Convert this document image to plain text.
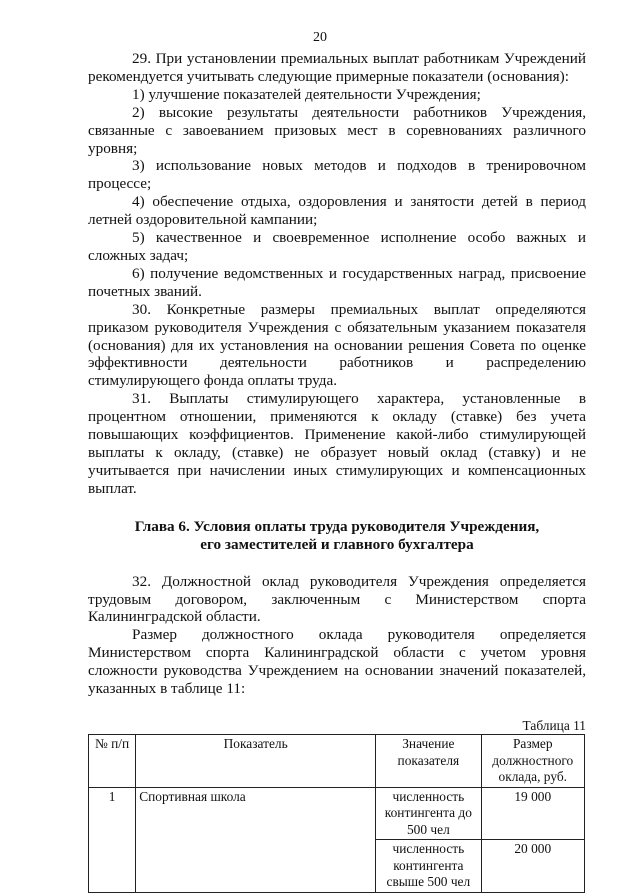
20

29. При установлении премиальных выплат работникам Учреждений рекомендуется учитывать следующие примерные показатели (основания):

1) улучшение показателей деятельности Учреждения;

2) высокие результаты деятельности работников Учреждения, связанные с завоеванием призовых мест в соревнованиях различного уровня;

3) использование новых методов и подходов в тренировочном процессе;

4) обеспечение отдыха, оздоровления и занятости детей в период летней оздоровительной кампании;

5) качественное и своевременное исполнение особо важных и сложных задач;

6) получение ведомственных и государственных наград, присвоение почетных званий.

30. Конкретные размеры премиальных выплат определяются приказом руководителя Учреждения с обязательным указанием показателя (основания) для их установления на основании решения Совета по оценке эффективности деятельности работников и распределению стимулирующего фонда оплаты труда.

31. Выплаты стимулирующего характера, установленные в процентном отношении, применяются к окладу (ставке) без учета повышающих коэффициентов. Применение какой-либо стимулирующей выплаты к окладу, (ставке) не образует новый оклад (ставку) и не учитывается при начислении иных стимулирующих и компенсационных выплат.

Глава 6. Условия оплаты труда руководителя Учреждения,
его заместителей и главного бухгалтера

32. Должностной оклад руководителя Учреждения определяется трудовым договором, заключенным с Министерством спорта Калининградской области.

Размер должностного оклада руководителя определяется Министерством спорта Калининградской области с учетом уровня сложности руководства Учреждением на основании значений показателей, указанных в таблице 11:

Таблица 11
№ п/п	Показатель	Значение показателя	Размер должностного оклада, руб.
1	Спортивная школа	численность контингента до 500 чел	19 000
		численность контингента свыше 500 чел	20 000
